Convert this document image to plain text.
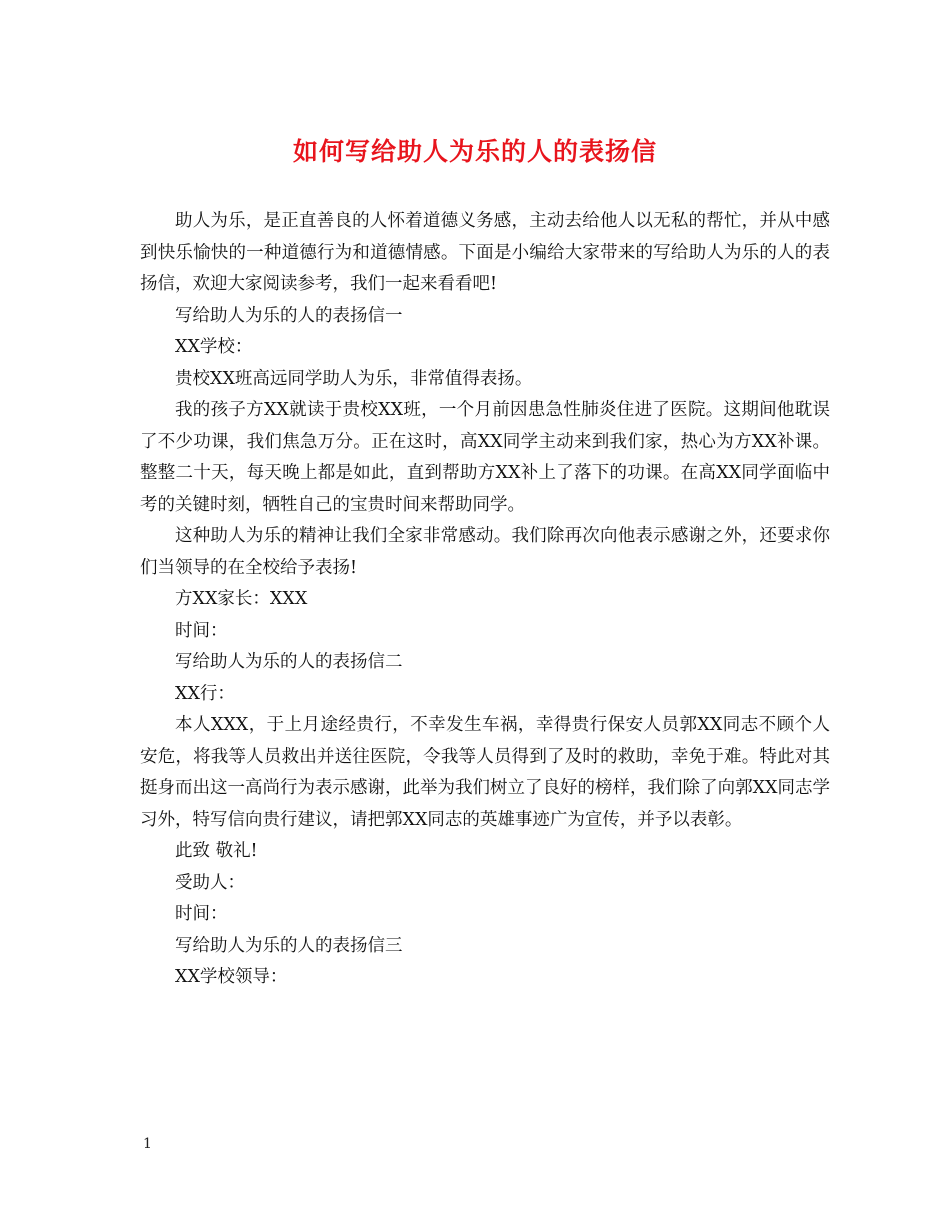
如何写给助人为乐的人的表扬信

助人为乐，是正直善良的人怀着道德义务感，主动去给他人以无私的帮忙，并从中感到快乐愉快的一种道德行为和道德情感。下面是小编给大家带来的写给助人为乐的人的表扬信，欢迎大家阅读参考，我们一起来看看吧!

写给助人为乐的人的表扬信一

XX学校：

贵校XX班高远同学助人为乐，非常值得表扬。

我的孩子方XX就读于贵校XX班，一个月前因患急性肺炎住进了医院。这期间他耽误了不少功课，我们焦急万分。正在这时，高XX同学主动来到我们家，热心为方XX补课。整整二十天，每天晚上都是如此，直到帮助方XX补上了落下的功课。在高XX同学面临中考的关键时刻，牺牲自己的宝贵时间来帮助同学。

这种助人为乐的精神让我们全家非常感动。我们除再次向他表示感谢之外，还要求你们当领导的在全校给予表扬!

方XX家长：XXX

时间：

写给助人为乐的人的表扬信二

XX行：

本人XXX，于上月途经贵行，不幸发生车祸，幸得贵行保安人员郭XX同志不顾个人安危，将我等人员救出并送往医院，令我等人员得到了及时的救助，幸免于难。特此对其挺身而出这一高尚行为表示感谢，此举为我们树立了良好的榜样，我们除了向郭XX同志学习外，特写信向贵行建议，请把郭XX同志的英雄事迹广为宣传，并予以表彰。

此致 敬礼!

受助人：

时间：

写给助人为乐的人的表扬信三

XX学校领导：

1
